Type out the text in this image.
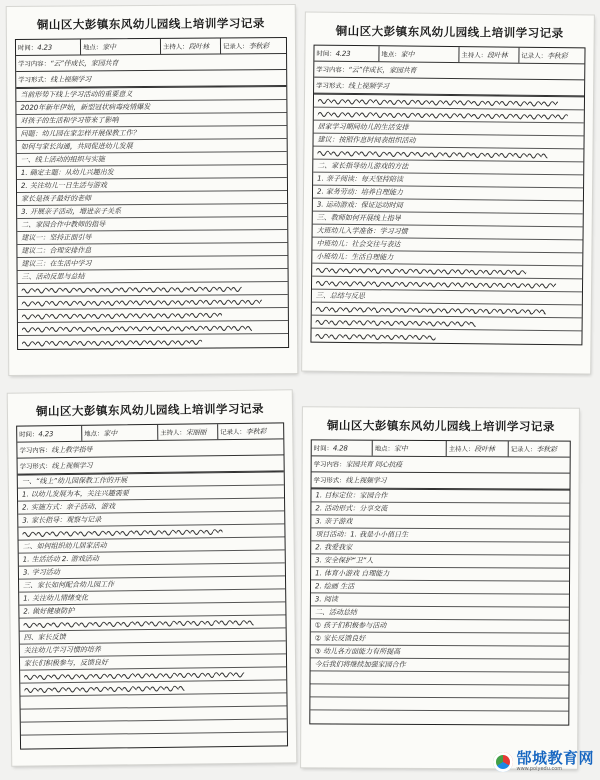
铜山区大彭镇东风幼儿园线上培训学习记录
时间： 4.23	地点： 家中	主持人： 段叶林 记录人： 李秋彩
学习内容： “云”伴成长，家园共育
学习形式： 线上视频学习
当前形势下线上学习活动的重要意义
2020年新年伊始，新型冠状病毒疫情爆发
对孩子的生活和学习带来了影响
问题：幼儿园在家怎样开展保教工作？
如何与家长沟通，共同促进幼儿发展
一、线上活动的组织与实施
1. 确定主题：从幼儿兴趣出发
2. 关注幼儿一日生活与游戏
家长是孩子最好的老师
3. 开展亲子活动，增进亲子关系
二、家园合作中教师的指导
建议一：坚持正面引导
建议二：合理安排作息
建议三：在生活中学习
三、活动反思与总结
铜山区大彭镇东风幼儿园线上培训学习记录
时间： 4.23	地点： 家中	主持人： 段叶林 记录人： 李秋彩
学习内容： “云”伴成长，家园共育
学习形式： 线上视频学习
居家学习期间幼儿的生活安排
建议：按照作息时间表组织活动
二、家长指导幼儿游戏的方法
1. 亲子阅读：每天坚持陪读
2. 家务劳动：培养自理能力
3. 运动游戏：保证运动时间
三、教师如何开展线上指导
大班幼儿入学准备：学习习惯
中班幼儿：社会交往与表达
小班幼儿：生活自理能力
三、总结与反思
铜山区大彭镇东风幼儿园线上培训学习记录
时间： 4.23	地点： 家中	主持人： 宋丽丽 记录人： 李秋彩
学习内容： 线上教学指导
学习形式： 线上视频学习
一、“线上”幼儿园保教工作的开展
1. 以幼儿发展为本，关注兴趣需要
2. 实施方式：亲子活动、游戏
3. 家长指导：观察与记录
二、如何组织幼儿居家活动
1. 生活活动 2. 游戏活动
3. 学习活动
三、家长如何配合幼儿园工作
1. 关注幼儿情绪变化
2. 做好健康防护
四、家长反馈
关注幼儿学习习惯的培养
家长们积极参与，反馈良好
铜山区大彭镇东风幼儿园线上培训学习记录
时间： 4.28	地点： 家中	主持人： 段叶林 记录人： 李秋彩
学习内容： 家园共育 同心抗疫
学习形式： 线上视频学习
1. 目标定位：家园合作
2. 活动形式：分享交流
3. 亲子游戏
项目活动：1. 我是小小值日生
2. 我爱我家
3. 安全保护“卫”人
1. 体育小游戏 自理能力
2. 绘画 生活
3. 阅读
二、活动总结
① 孩子们积极参与活动
② 家长反馈良好
③ 幼儿各方面能力有所提高
今后我们将继续加强家园合作
郜城教育网
www.poiyedu.com
